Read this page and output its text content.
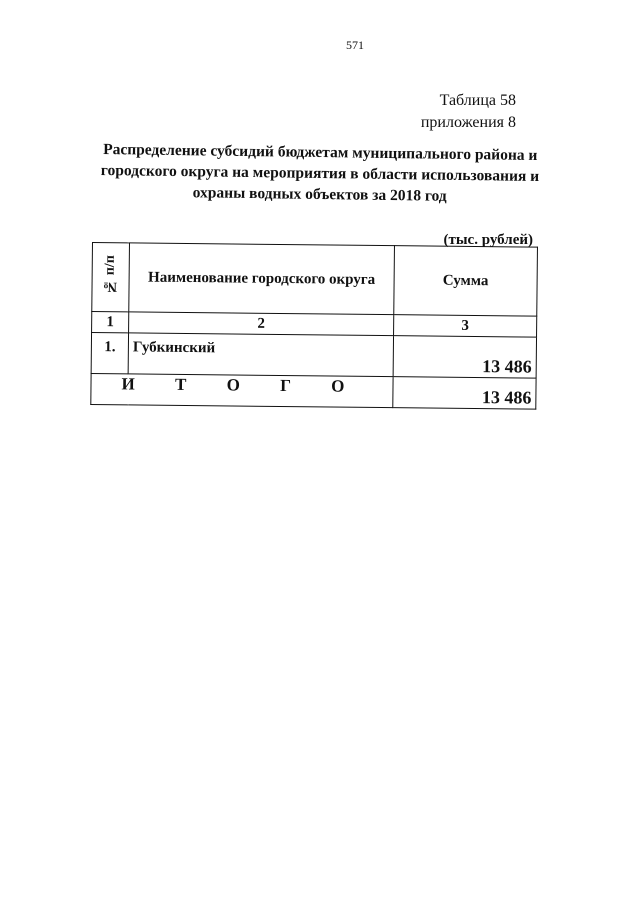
571
Таблица 58
приложения 8
Распределение субсидий бюджетам муниципального района и городского округа на мероприятия в области использования и охраны водных объектов за 2018 год
(тыс. рублей)
№ п/п	Наименование городского округа	Сумма
1	2	3
1.	Губкинский	13 486
И Т О Г О		13 486
